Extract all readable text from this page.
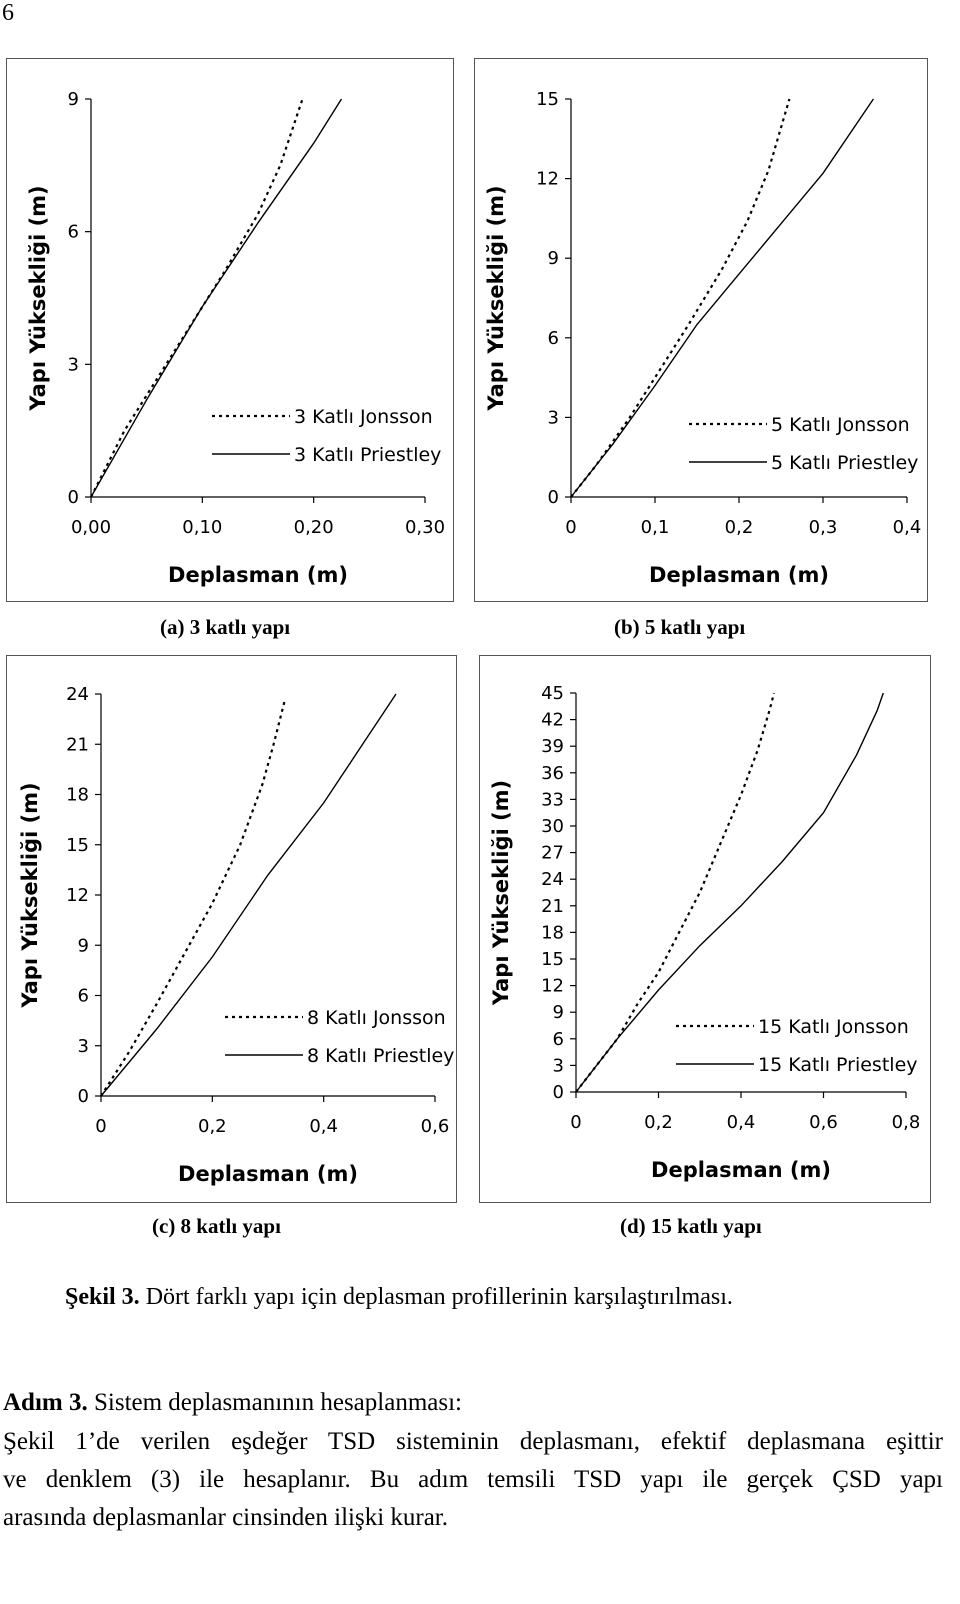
6
0
3
6
9
0,00	0,10	0,20	0,30
Deplasman (m)
Yapı Yüksekliği (m)
3 Katlı Jonsson
3 Katlı Priestley
(a) 3 katlı yapı
0
3
6
9
12
15
0	0,1	0,2	0,3	0,4
Deplasman (m)
Yapı Yüksekliği (m)
5 Katlı Jonsson
5 Katlı Priestley
(b) 5 katlı yapı
0
3
6
9
12
15
18
21
24
0	0,2	0,4	0,6
Deplasman (m)
Yapı Yüksekliği (m)
8 Katlı Jonsson
8 Katlı Priestley
(c) 8 katlı yapı
0
3
6
9
12
15
18
21
24
27
30
33
36
39
42
45
0	0,2	0,4	0,6	0,8
Deplasman (m)
Yapı Yüksekliği (m)
15 Katlı Jonsson
15 Katlı Priestley
(d) 15 katlı yapı
Şekil 3. Dört farklı yapı için deplasman profillerinin karşılaştırılması.
Adım 3. Sistem deplasmanının hesaplanması:
Şekil 1’de verilen eşdeğer TSD sisteminin deplasmanı, efektif deplasmana eşittir
ve denklem (3) ile hesaplanır. Bu adım temsili TSD yapı ile gerçek ÇSD yapı
arasında deplasmanlar cinsinden ilişki kurar.
